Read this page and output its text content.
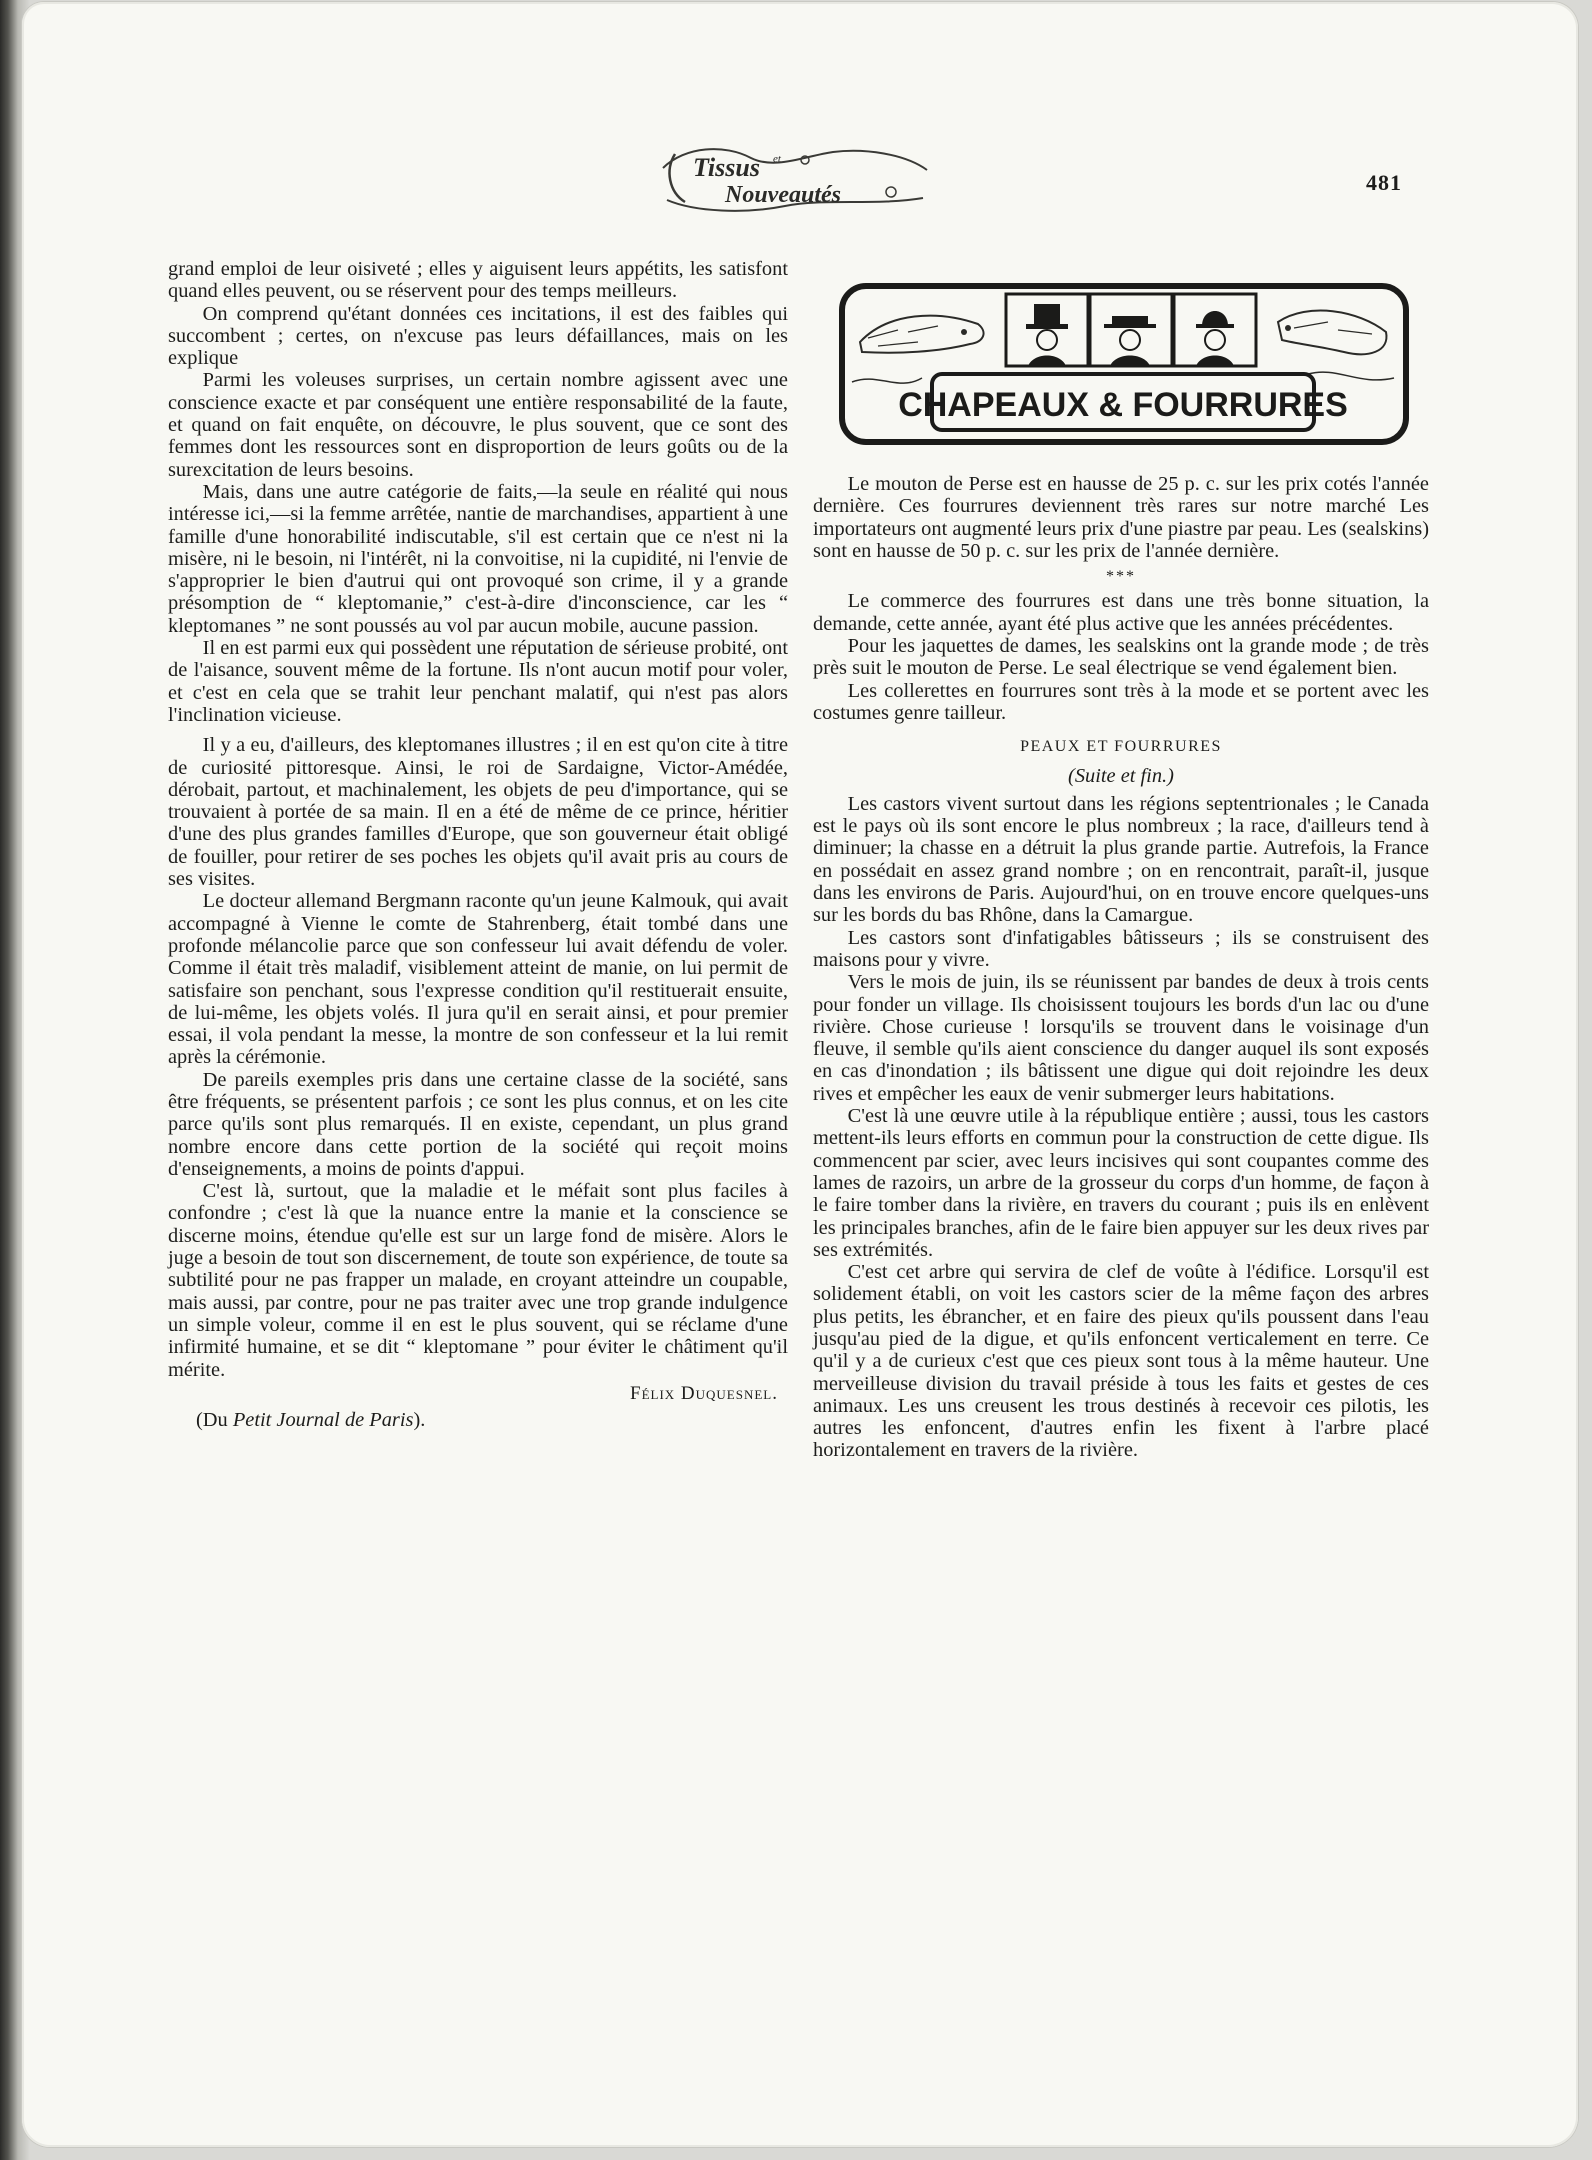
Tissus et
Nouveautés	481
CHAPEAUX & FOURRURES

grand emploi de leur oisiveté ; elles y aiguisent leurs appétits, les satisfont quand elles peuvent, ou se réservent pour des temps meilleurs.

On comprend qu'étant données ces incitations, il est des faibles qui succombent ; certes, on n'excuse pas leurs défaillances, mais on les explique

Parmi les voleuses surprises, un certain nombre agissent avec une conscience exacte et par conséquent une entière responsabilité de la faute, et quand on fait enquête, on découvre, le plus souvent, que ce sont des femmes dont les ressources sont en disproportion de leurs goûts ou de la surexcitation de leurs besoins.

Mais, dans une autre catégorie de faits,—la seule en réalité qui nous intéresse ici,—si la femme arrêtée, nantie de marchandises, appartient à une famille d'une honorabilité indiscutable, s'il est certain que ce n'est ni la misère, ni le besoin, ni l'intérêt, ni la convoitise, ni la cupidité, ni l'envie de s'approprier le bien d'autrui qui ont provoqué son crime, il y a grande présomption de “ kleptomanie,” c'est-à-dire d'inconscience, car les “ kleptomanes ” ne sont poussés au vol par aucun mobile, aucune passion.

Il en est parmi eux qui possèdent une réputation de sérieuse probité, ont de l'aisance, souvent même de la fortune. Ils n'ont aucun motif pour voler, et c'est en cela que se trahit leur penchant malatif, qui n'est pas alors l'inclination vicieuse.

Il y a eu, d'ailleurs, des kleptomanes illustres ; il en est qu'on cite à titre de curiosité pittoresque. Ainsi, le roi de Sardaigne, Victor-Amédée, dérobait, partout, et machinalement, les objets de peu d'importance, qui se trouvaient à portée de sa main. Il en a été de même de ce prince, héritier d'une des plus grandes familles d'Europe, que son gouverneur était obligé de fouiller, pour retirer de ses poches les objets qu'il avait pris au cours de ses visites.

Le docteur allemand Bergmann raconte qu'un jeune Kalmouk, qui avait accompagné à Vienne le comte de Stahrenberg, était tombé dans une profonde mélancolie parce que son confesseur lui avait défendu de voler. Comme il était très maladif, visiblement atteint de manie, on lui permit de satisfaire son penchant, sous l'expresse condition qu'il restituerait ensuite, de lui-même, les objets volés. Il jura qu'il en serait ainsi, et pour premier essai, il vola pendant la messe, la montre de son confesseur et la lui remit après la cérémonie.

De pareils exemples pris dans une certaine classe de la société, sans être fréquents, se présentent parfois ; ce sont les plus connus, et on les cite parce qu'ils sont plus remarqués. Il en existe, cependant, un plus grand nombre encore dans cette portion de la société qui reçoit moins d'enseignements, a moins de points d'appui.

C'est là, surtout, que la maladie et le méfait sont plus faciles à confondre ; c'est là que la nuance entre la manie et la conscience se discerne moins, étendue qu'elle est sur un large fond de misère. Alors le juge a besoin de tout son discernement, de toute son expérience, de toute sa subtilité pour ne pas frapper un malade, en croyant atteindre un coupable, mais aussi, par contre, pour ne pas traiter avec une trop grande indulgence un simple voleur, comme il en est le plus souvent, qui se réclame d'une infirmité humaine, et se dit “ kleptomane ” pour éviter le châtiment qu'il mérite.

Félix Duquesnel.
(Du Petit Journal de Paris).

Le mouton de Perse est en hausse de 25 p. c. sur les prix cotés l'année dernière. Ces fourrures deviennent très rares sur notre marché Les importateurs ont augmenté leurs prix d'une piastre par peau. Les (sealskins) sont en hausse de 50 p. c. sur les prix de l'année dernière.

***

Le commerce des fourrures est dans une très bonne situation, la demande, cette année, ayant été plus active que les années précédentes.

Pour les jaquettes de dames, les sealskins ont la grande mode ; de très près suit le mouton de Perse. Le seal électrique se vend également bien.

Les collerettes en fourrures sont très à la mode et se portent avec les costumes genre tailleur.

PEAUX ET FOURRURES
(Suite et fin.)

Les castors vivent surtout dans les régions septentrionales ; le Canada est le pays où ils sont encore le plus nombreux ; la race, d'ailleurs tend à diminuer; la chasse en a détruit la plus grande partie. Autrefois, la France en possédait en assez grand nombre ; on en rencontrait, paraît-il, jusque dans les environs de Paris. Aujourd'hui, on en trouve encore quelques-uns sur les bords du bas Rhône, dans la Camargue.

Les castors sont d'infatigables bâtisseurs ; ils se construisent des maisons pour y vivre.

Vers le mois de juin, ils se réunissent par bandes de deux à trois cents pour fonder un village. Ils choisissent toujours les bords d'un lac ou d'une rivière. Chose curieuse ! lorsqu'ils se trouvent dans le voisinage d'un fleuve, il semble qu'ils aient conscience du danger auquel ils sont exposés en cas d'inondation ; ils bâtissent une digue qui doit rejoindre les deux rives et empêcher les eaux de venir submerger leurs habitations.

C'est là une œuvre utile à la république entière ; aussi, tous les castors mettent-ils leurs efforts en commun pour la construction de cette digue. Ils commencent par scier, avec leurs incisives qui sont coupantes comme des lames de razoirs, un arbre de la grosseur du corps d'un homme, de façon à le faire tomber dans la rivière, en travers du courant ; puis ils en enlèvent les principales branches, afin de le faire bien appuyer sur les deux rives par ses extrémités.

C'est cet arbre qui servira de clef de voûte à l'édifice. Lorsqu'il est solidement établi, on voit les castors scier de la même façon des arbres plus petits, les ébrancher, et en faire des pieux qu'ils poussent dans l'eau jusqu'au pied de la digue, et qu'ils enfoncent verticalement en terre. Ce qu'il y a de curieux c'est que ces pieux sont tous à la même hauteur. Une merveilleuse division du travail préside à tous les faits et gestes de ces animaux. Les uns creusent les trous destinés à recevoir ces pilotis, les autres les enfoncent, d'autres enfin les fixent à l'arbre placé horizontalement en travers de la rivière.
